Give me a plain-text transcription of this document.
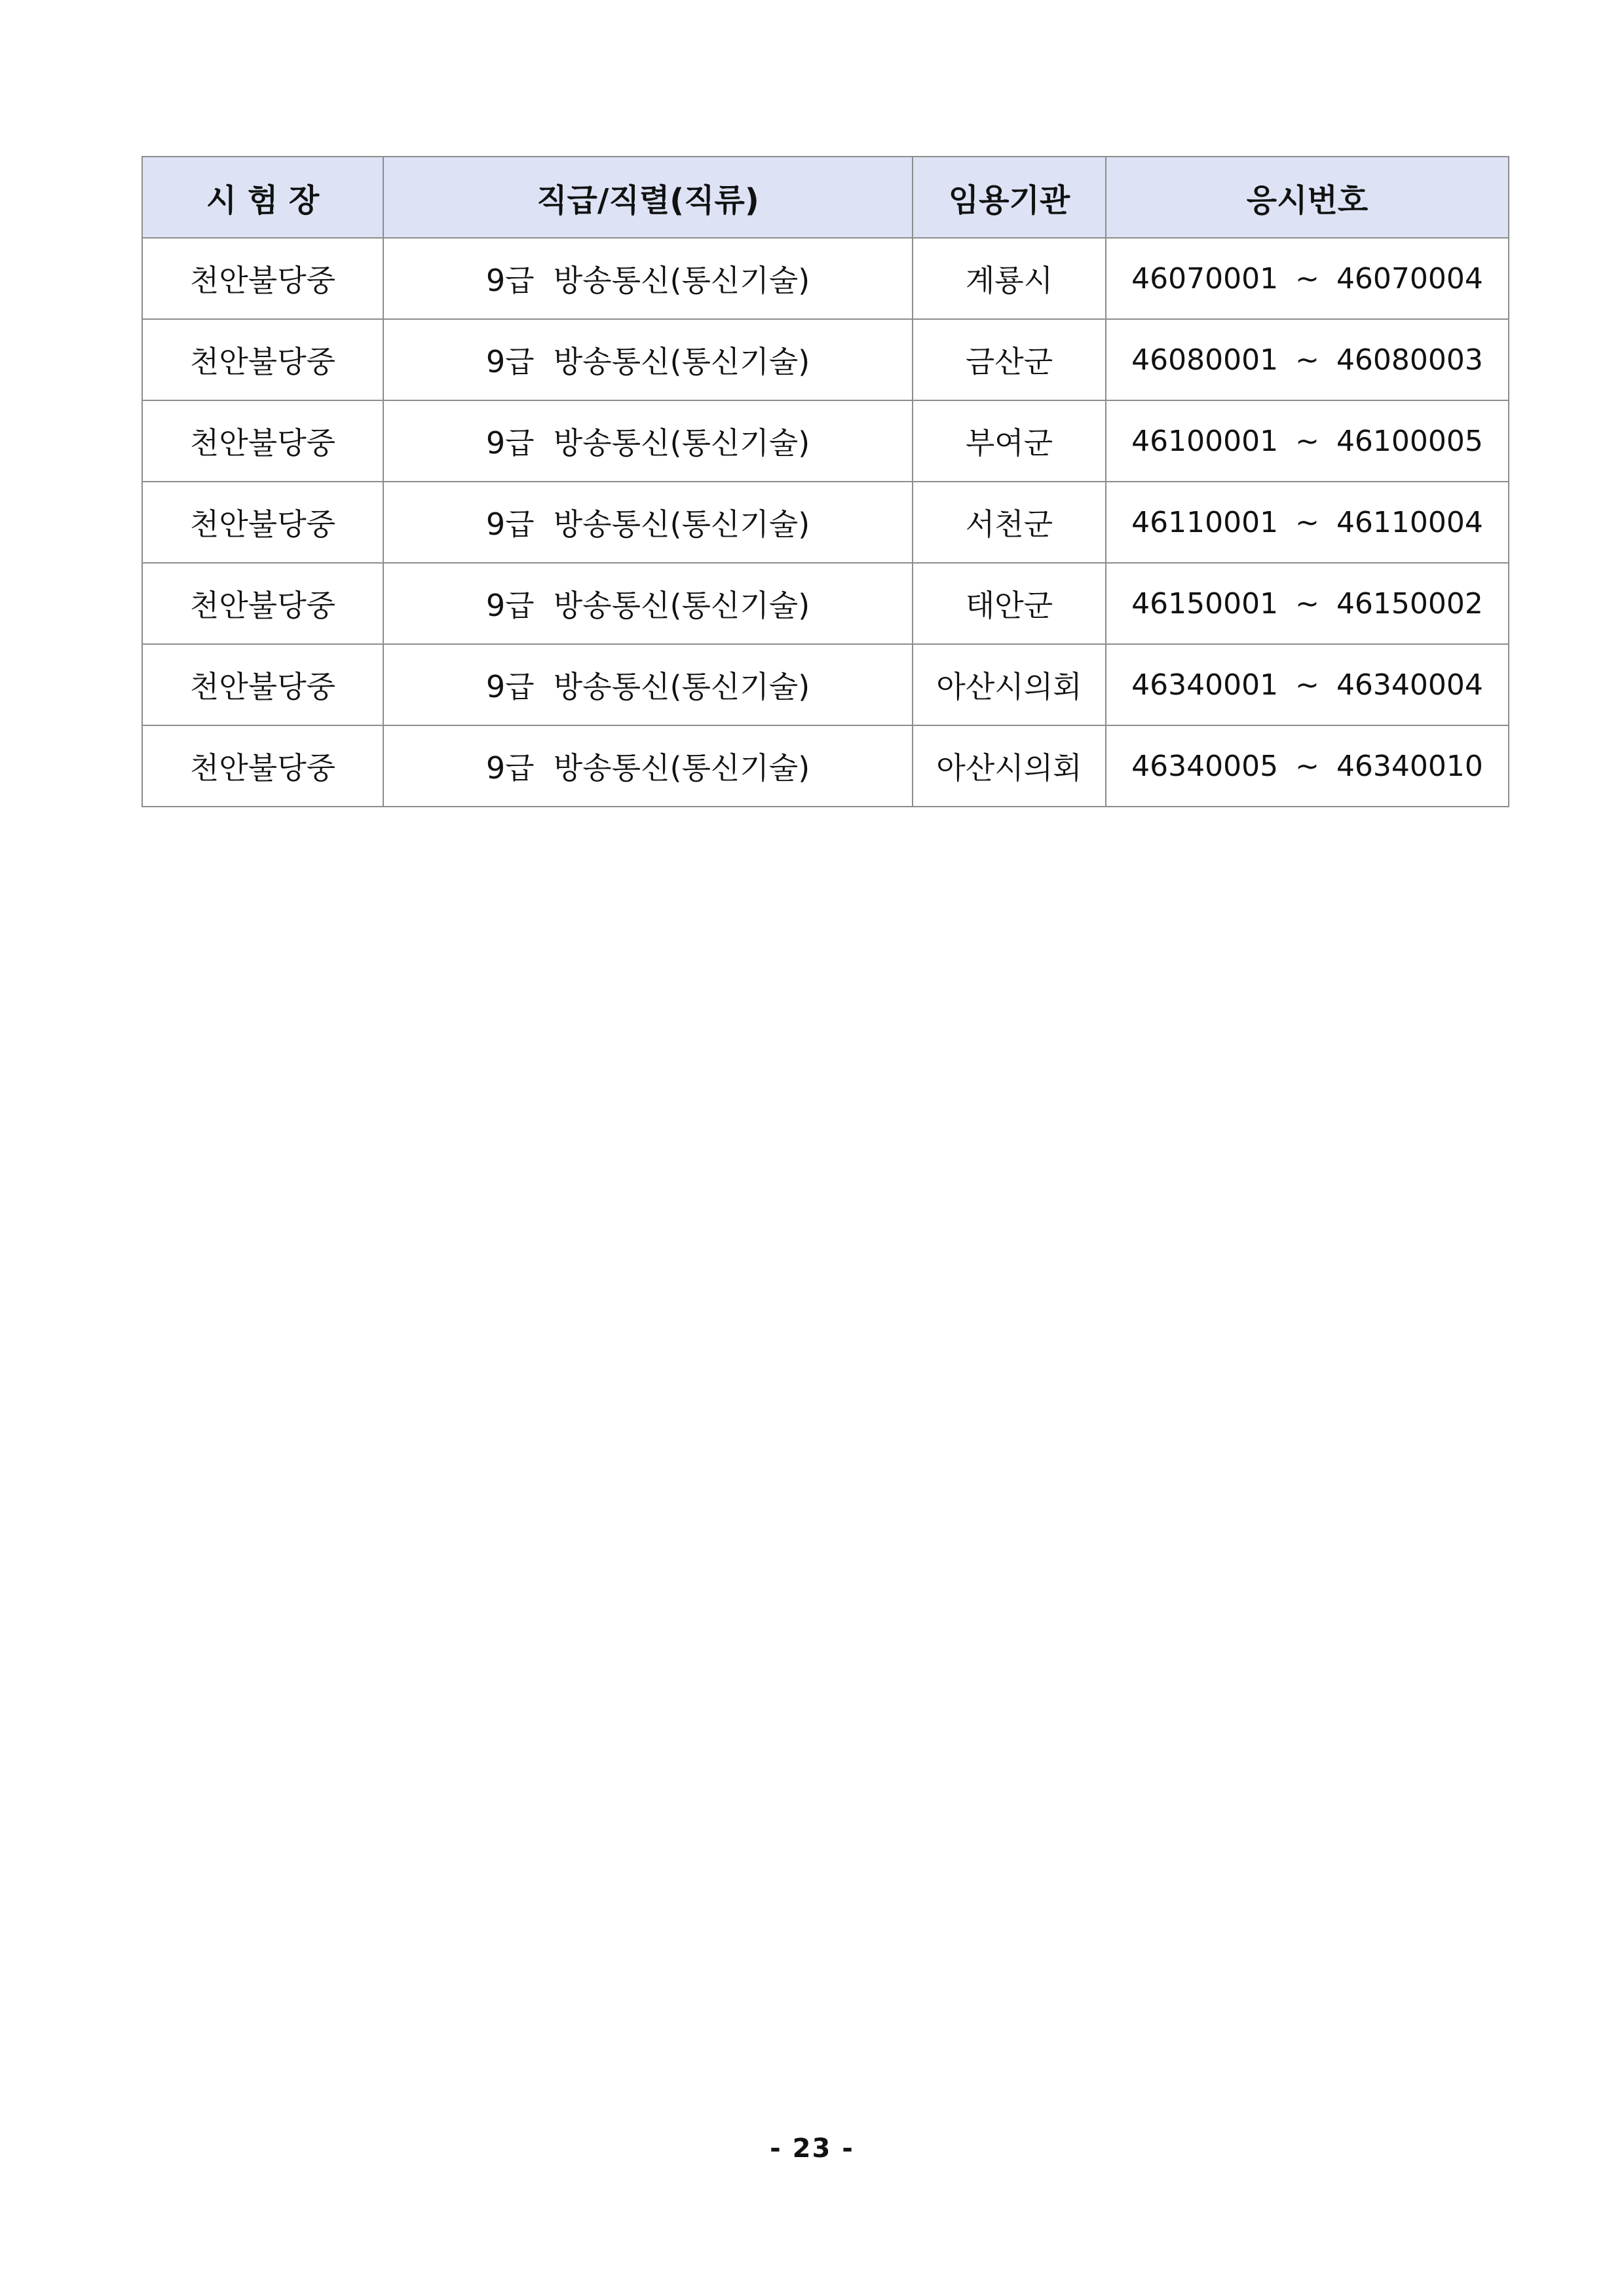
시 험 장	직급/직렬(직류)	임용기관	응시번호
천안불당중	9급  방송통신(통신기술)	계룡시	46070001 ~ 46070004
천안불당중	9급  방송통신(통신기술)	금산군	46080001 ~ 46080003
천안불당중	9급  방송통신(통신기술)	부여군	46100001 ~ 46100005
천안불당중	9급  방송통신(통신기술)	서천군	46110001 ~ 46110004
천안불당중	9급  방송통신(통신기술)	태안군	46150001 ~ 46150002
천안불당중	9급  방송통신(통신기술)	아산시의회	46340001 ~ 46340004
천안불당중	9급  방송통신(통신기술)	아산시의회	46340005 ~ 46340010
- 23 -
